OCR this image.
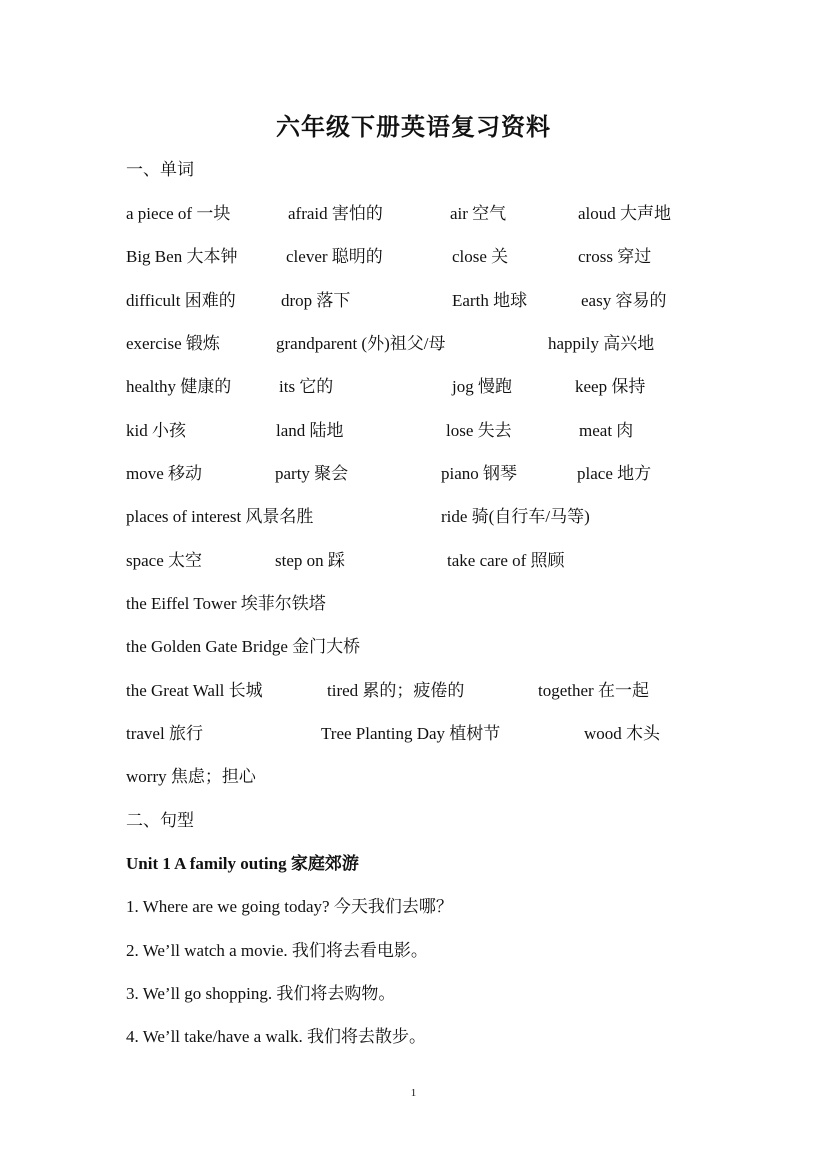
六年级下册英语复习资料
一、单词
a piece of 一块	afraid 害怕的	air 空气	aloud 大声地
Big Ben 大本钟	clever 聪明的	close 关	cross 穿过
difficult 困难的	drop 落下	Earth 地球	easy 容易的
exercise 锻炼	grandparent (外)祖父/母	happily 高兴地
healthy 健康的	its 它的	jog 慢跑	keep 保持
kid 小孩	land 陆地	lose 失去	meat 肉
move 移动	party 聚会	piano 钢琴	place 地方
places of interest 风景名胜	ride 骑(自行车/马等)
space 太空	step on 踩	take care of 照顾
the Eiffel Tower 埃菲尔铁塔
the Golden Gate Bridge 金门大桥
the Great Wall 长城	tired 累的；疲倦的	together 在一起
travel 旅行	Tree Planting Day 植树节	wood 木头
worry 焦虑；担心
二、句型
Unit 1 A family outing 家庭郊游
1. Where are we going today? 今天我们去哪？
2. We’ll watch a movie. 我们将去看电影。
3. We’ll go shopping. 我们将去购物。
4. We’ll take/have a walk. 我们将去散步。
1
